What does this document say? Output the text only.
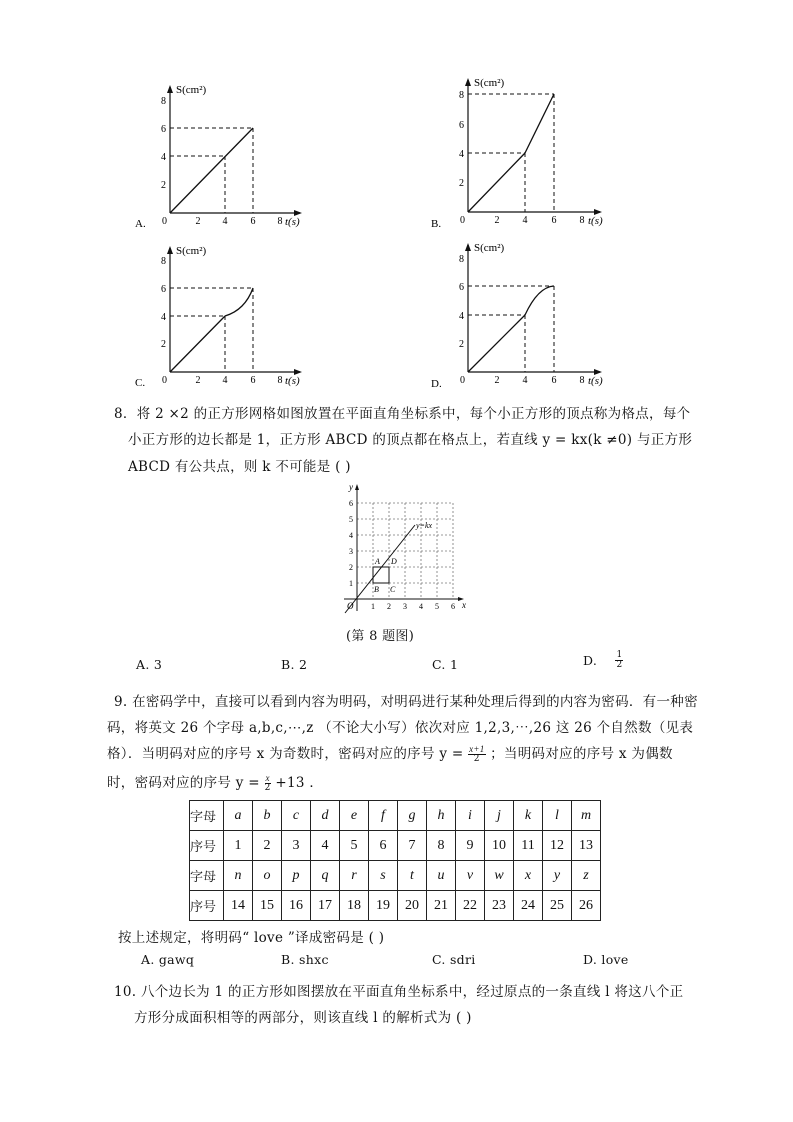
0	2 4 6 8
2
4
6
8
S(cm²)
t(s)
A.	0	2 4 6 8
2
4
6
8
S(cm²)
t(s)
B.
0	2 4 6 8
2
4
6
8
S(cm²)
t(s)
C.	0	2 4 6 8
2
4
6
8
S(cm²)
t(s)
D.
8．将 2 ×2 的正方形网格如图放置在平面直角坐标系中，每个小正方形的顶点称为格点，每个
小正方形的边长都是 1，正方形 ABCD 的顶点都在格点上，若直线 y = kx(k ≠0) 与正方形
ABCD 有公共点，则 k 不可能是 ( )
y
x
O
y=kx
A D
B C
1 2 3 4 5 6
1
2
3
4
5
6
(第 8 题图)
A. 3	B. 2	C. 1	D. $\frac{1}{2}$
9. 在密码学中，直接可以看到内容为明码，对明码进行某种处理后得到的内容为密码．有一种密
码，将英文 26 个字母 a,b,c,⋯,z （不论大小写）依次对应 1,2,3,⋯,26 这 26 个自然数（见表
格）．当明码对应的序号 x 为奇数时，密码对应的序号 $y = \frac{x+1}{2}$ ；当明码对应的序号 x 为偶数
时，密码对应的序号 $y = \frac{x}{2} +13$ ．
字母	a	b	c	d	e	f	g	h	i	j	k	l	m
序号	1	2	3	4	5	6	7	8	9	10	11	12	13
字母	n	o	p	q	r	s	t	u	v	w	x	y	z
序号	14	15	16	17	18	19	20	21	22	23	24	25	26
按上述规定，将明码“ love ”译成密码是 ( )
A. gawq	B. shxc	C. sdri	D. love
10. 八个边长为 1 的正方形如图摆放在平面直角坐标系中，经过原点的一条直线 l 将这八个正
方形分成面积相等的两部分，则该直线 l 的解析式为 ( )
